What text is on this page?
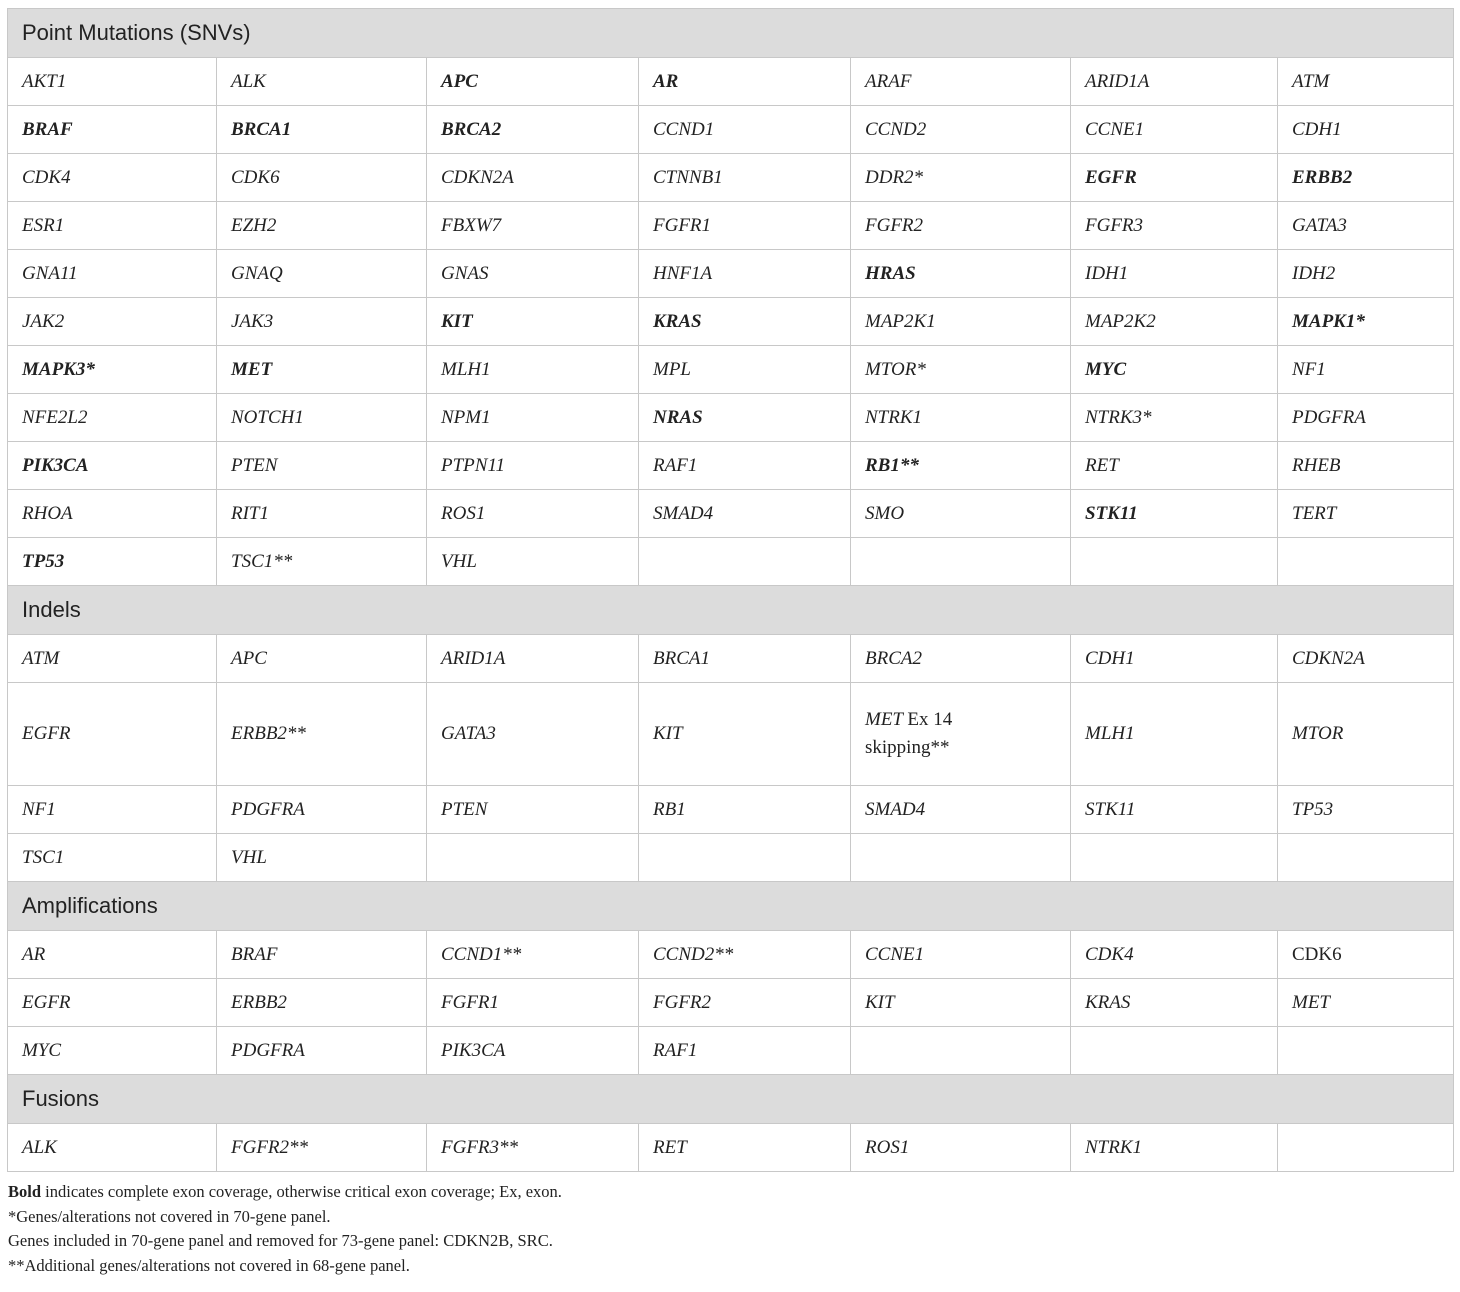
Point Mutations (SNVs)						
AKT1	ALK	APC	AR	ARAF	ARID1A	ATM
BRAF	BRCA1	BRCA2	CCND1	CCND2	CCNE1	CDH1
CDK4	CDK6	CDKN2A	CTNNB1	DDR2*	EGFR	ERBB2
ESR1	EZH2	FBXW7	FGFR1	FGFR2	FGFR3	GATA3
GNA11	GNAQ	GNAS	HNF1A	HRAS	IDH1	IDH2
JAK2	JAK3	KIT	KRAS	MAP2K1	MAP2K2	MAPK1*
MAPK3*	MET	MLH1	MPL	MTOR*	MYC	NF1
NFE2L2	NOTCH1	NPM1	NRAS	NTRK1	NTRK3*	PDGFRA
PIK3CA	PTEN	PTPN11	RAF1	RB1**	RET	RHEB
RHOA	RIT1	ROS1	SMAD4	SMO	STK11	TERT
TP53	TSC1**	VHL				
Indels						
ATM	APC	ARID1A	BRCA1	BRCA2	CDH1	CDKN2A
EGFR	ERBB2**	GATA3	KIT	MET Ex 14 skipping**	MLH1	MTOR
NF1	PDGFRA	PTEN	RB1	SMAD4	STK11	TP53
TSC1	VHL					
Amplifications						
AR	BRAF	CCND1**	CCND2**	CCNE1	CDK4	CDK6
EGFR	ERBB2	FGFR1	FGFR2	KIT	KRAS	MET
MYC	PDGFRA	PIK3CA	RAF1			
Fusions						
ALK	FGFR2**	FGFR3**	RET	ROS1	NTRK1	

Bold indicates complete exon coverage, otherwise critical exon coverage; Ex, exon.

*Genes/alterations not covered in 70-gene panel.

Genes included in 70-gene panel and removed for 73-gene panel: CDKN2B, SRC.

**Additional genes/alterations not covered in 68-gene panel.
